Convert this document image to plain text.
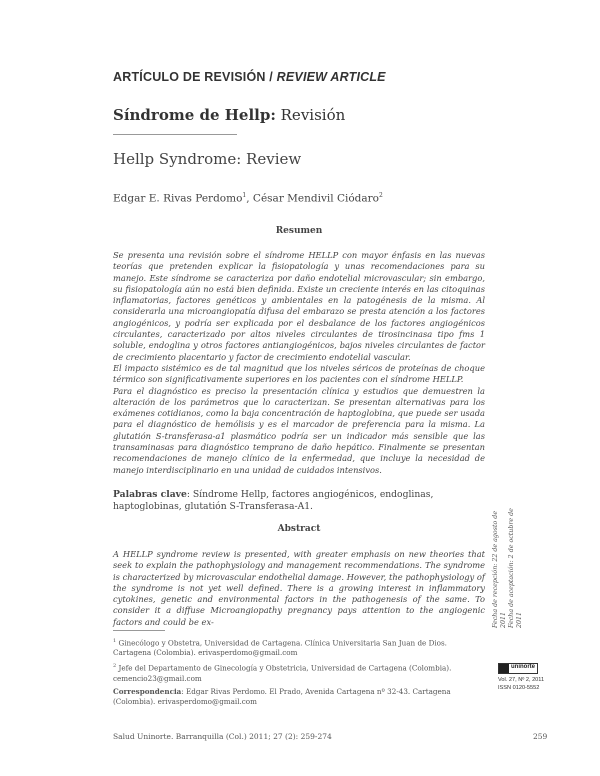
ARTÍCULO DE REVISIÓN / REVIEW ARTICLE
Síndrome de Hellp: Revisión
Hellp Syndrome: Review
Edgar E. Rivas Perdomo$^1$, César Mendivil Ciódaro$^2$
Resumen

Se presenta una revisión sobre el síndrome HELLP con mayor énfasis en las nuevas teorías que pretenden explicar la fisiopatología y unas recomendaciones para su manejo. Este síndrome se caracteriza por daño endotelial microvascular; sin embargo, su fisiopatología aún no está bien definida. Existe un creciente interés en las citoquinas inflamatorias, factores genéticos y ambientales en la patogénesis de la misma. Al considerarla una microangiopatía difusa del embarazo se presta atención a los factores angiogénicos, y podría ser explicada por el desbalance de los factores angiogénicos circulantes, caracterizado por altos niveles circulantes de tirosincinasa tipo fms 1 soluble, endoglina y otros factores antiangiogénicos, bajos niveles circulantes de factor de crecimiento placentario y factor de crecimiento endotelial vascular.

El impacto sistémico es de tal magnitud que los niveles séricos de proteínas de choque térmico son significativamente superiores en los pacientes con el síndrome HELLP.

Para el diagnóstico es preciso la presentación clínica y estudios que demuestren la alteración de los parámetros que lo caracterizan. Se presentan alternativas para los exámenes cotidianos, como la baja concentración de haptoglobina, que puede ser usada para el diagnóstico de hemólisis y es el marcador de preferencia para la misma. La glutatión S-transferasa-a1 plasmático podría ser un indicador más sensible que las transaminasas para diagnóstico temprano de daño hepático. Finalmente se presentan recomendaciones de manejo clínico de la enfermedad, que incluye la necesidad de manejo interdisciplinario en una unidad de cuidados intensivos.

Palabras clave: Síndrome Hellp, factores angiogénicos, endoglinas, haptoglobinas, glutatión S-Transferasa-A1.
Abstract

A HELLP syndrome review is presented, with greater emphasis on new theories that seek to explain the pathophysiology and management recommendations. The syndrome is characterized by microvascular endothelial damage. However, the pathophysiology of the syndrome is not yet well defined. There is a growing interest in inflammatory cytokines, genetic and environmental factors in the pathogenesis of the same. To consider it a diffuse Microangiopathy pregnancy pays attention to the angiogenic factors and could be ex-

$^1$ Ginecólogo y Obstetra, Universidad de Cartagena. Clínica Universitaria San Juan de Dios. Cartagena (Colombia). erivasperdomo@gmail.com

$^2$ Jefe del Departamento de Ginecología y Obstetricia, Universidad de Cartagena (Colombia). cemencio23@gmail.com

Correspondencia: Edgar Rivas Perdomo. El Prado, Avenida Cartagena nº 32-43. Cartagena (Colombia). erivasperdomo@gmail.com

Fecha de recepción: 22 de agosto de 2011 Fecha de aceptación: 2 de octubre de 2011
uninorte
Vol. 27, Nº 2, 2011
ISSN 0120-5552
Salud Uninorte. Barranquilla (Col.) 2011; 27 (2): 259-274	259
